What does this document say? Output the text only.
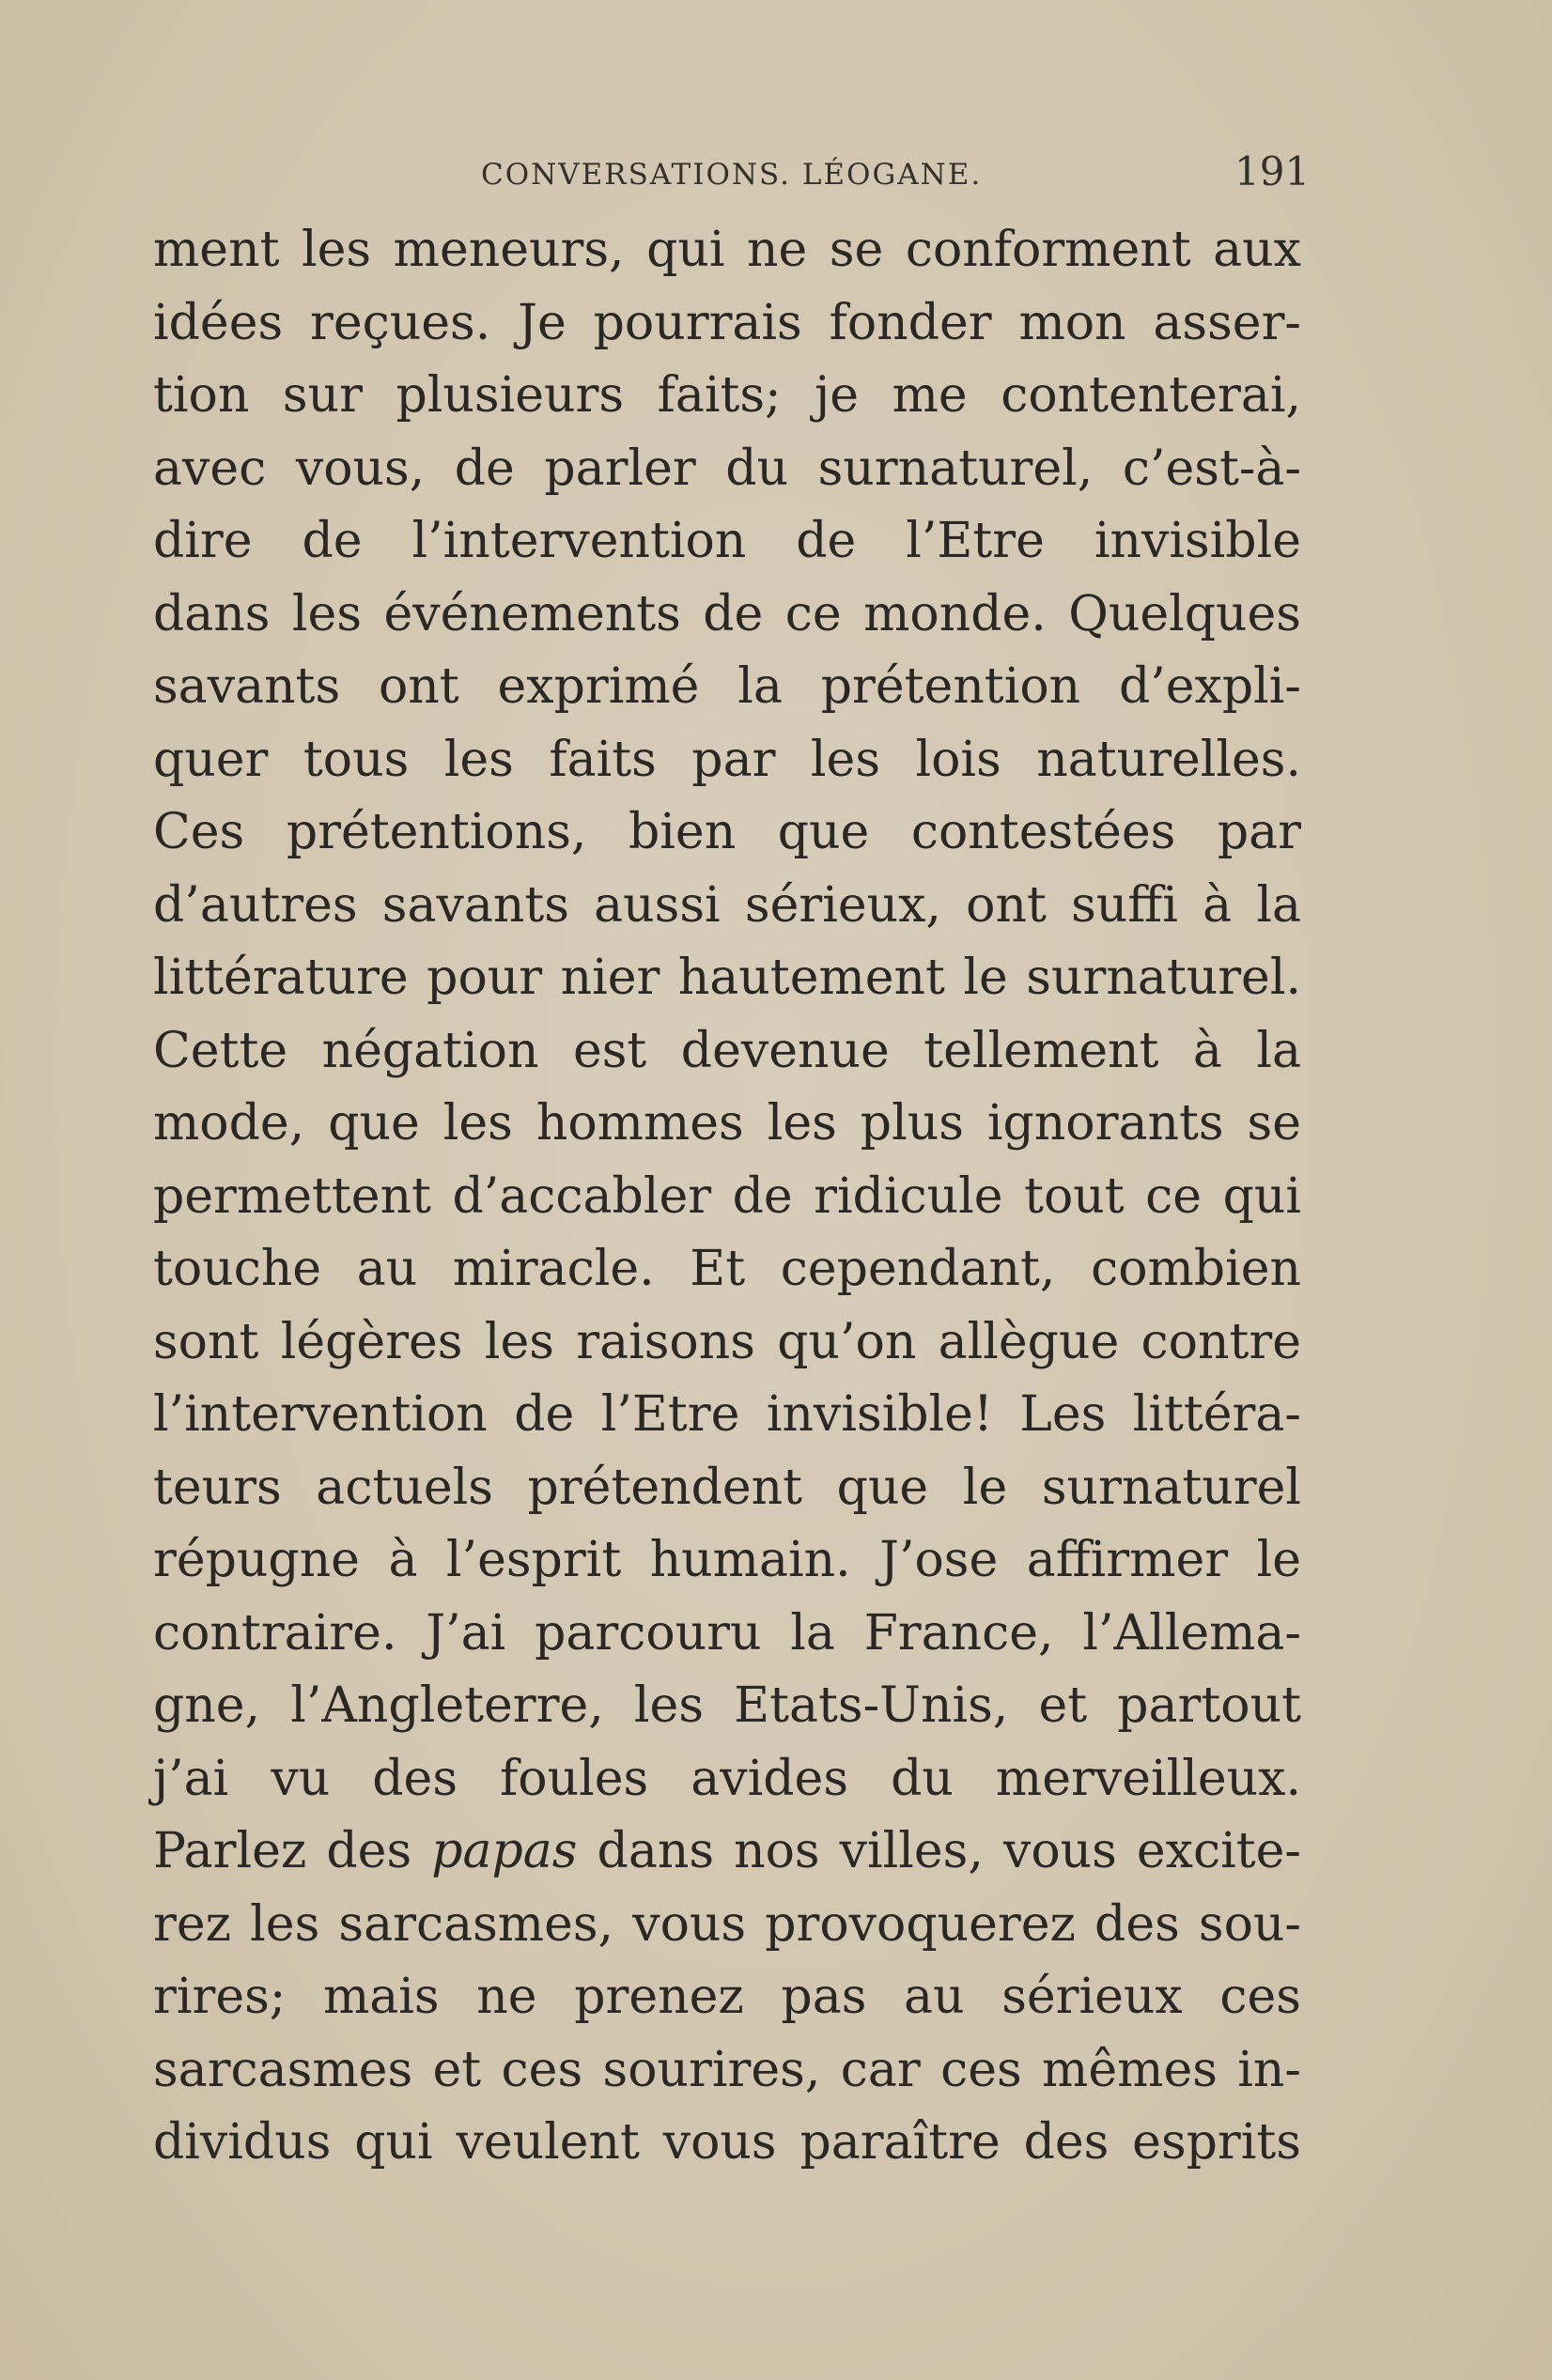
CONVERSATIONS. LÉOGANE.	191
ment les meneurs, qui ne se conforment aux
idées reçues. Je pourrais fonder mon asser-
tion sur plusieurs faits; je me contenterai,
avec vous, de parler du surnaturel, c’est-à-
dire de l’intervention de l’Etre invisible
dans les événements de ce monde. Quelques
savants ont exprimé la prétention d’expli-
quer tous les faits par les lois naturelles.
Ces prétentions, bien que contestées par
d’autres savants aussi sérieux, ont suffi à la
littérature pour nier hautement le surnaturel.
Cette négation est devenue tellement à la
mode, que les hommes les plus ignorants se
permettent d’accabler de ridicule tout ce qui
touche au miracle. Et cependant, combien
sont légères les raisons qu’on allègue contre
l’intervention de l’Etre invisible! Les littéra-
teurs actuels prétendent que le surnaturel
répugne à l’esprit humain. J’ose affirmer le
contraire. J’ai parcouru la France, l’Allema-
gne, l’Angleterre, les Etats-Unis, et partout
j’ai vu des foules avides du merveilleux.
Parlez des papas dans nos villes, vous excite-
rez les sarcasmes, vous provoquerez des sou-
rires; mais ne prenez pas au sérieux ces
sarcasmes et ces sourires, car ces mêmes in-
dividus qui veulent vous paraître des esprits
